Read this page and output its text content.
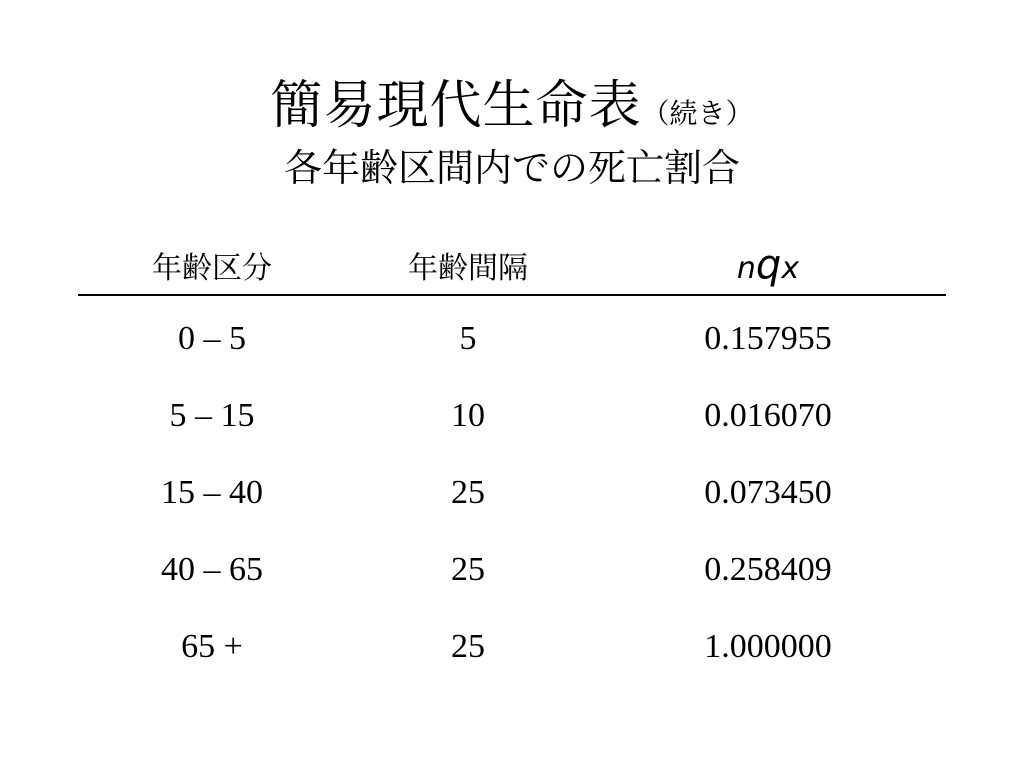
簡易現代生命表（続き）
各年齢区間内での死亡割合
年齢区分	年齢間隔	nqx
0 – 5	5	0.157955
5 – 15	10	0.016070
15 – 40	25	0.073450
40 – 65	25	0.258409
65 +	25	1.000000
